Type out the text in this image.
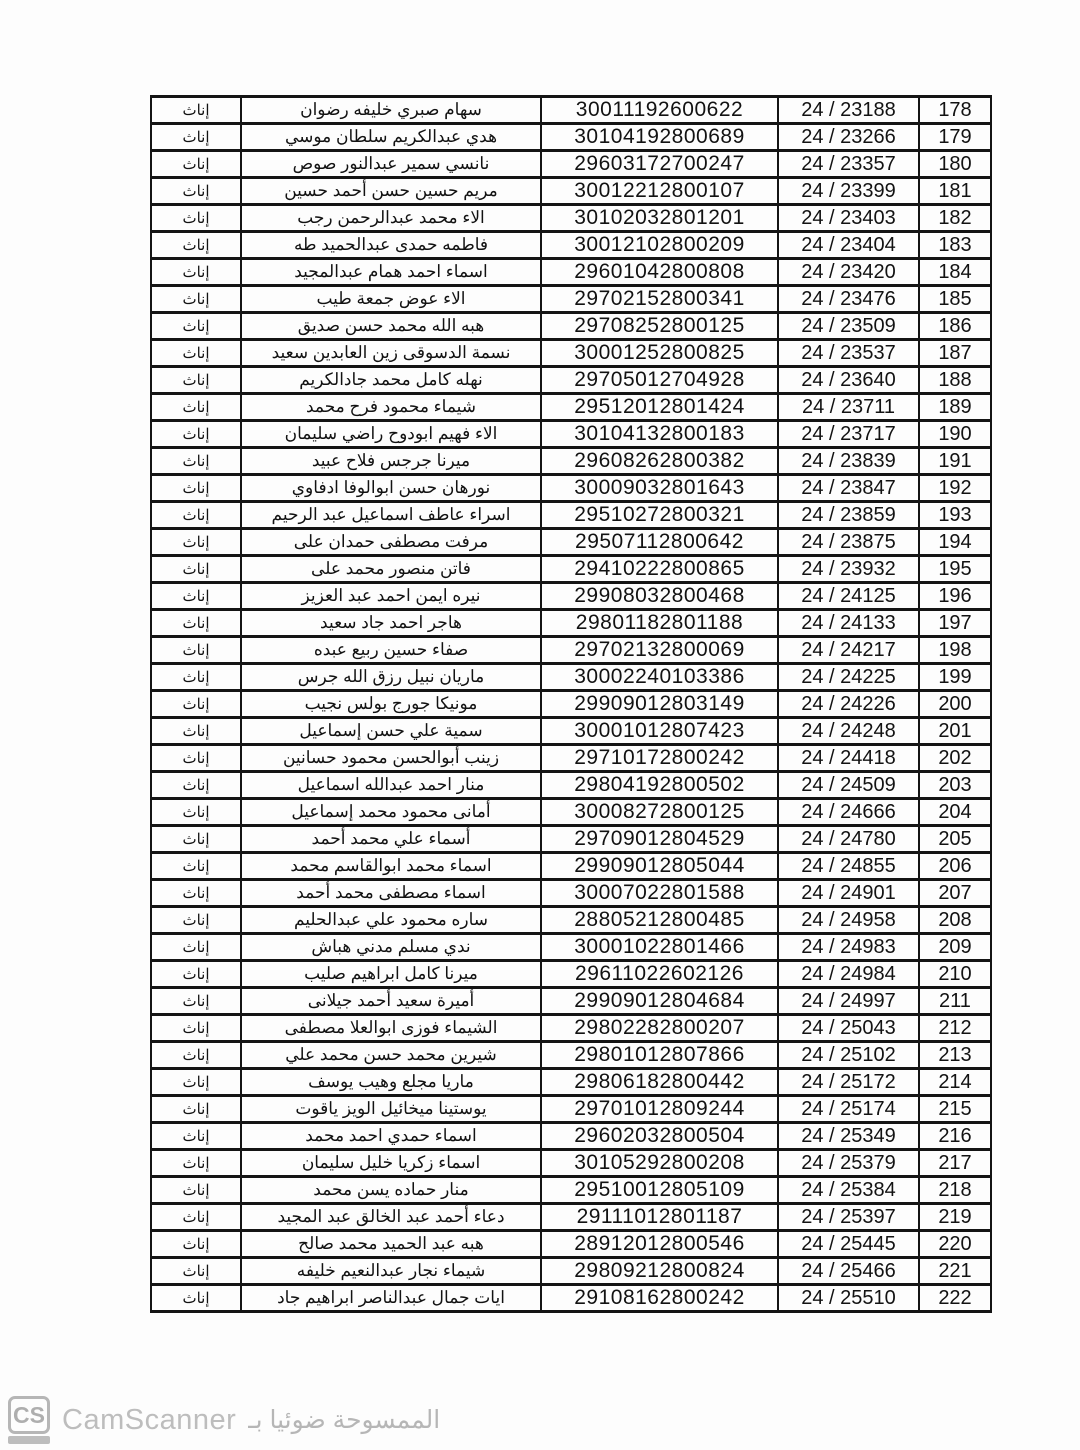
إناث	سهام صبري خليفه رضوان	30011192600622	24 / 23188	178
إناث	هدي عبدالكريم سلطان موسي	30104192800689	24 / 23266	179
إناث	نانسي سمير عبدالنور صوص	29603172700247	24 / 23357	180
إناث	مريم حسين حسن أحمد حسين	30012212800107	24 / 23399	181
إناث	الاء محمد عبدالرحمن رجب	30102032801201	24 / 23403	182
إناث	فاطمه حمدى عبدالحميد طه	30012102800209	24 / 23404	183
إناث	اسماء احمد همام عبدالمجيد	29601042800808	24 / 23420	184
إناث	الاء عوض جمعة طيب	29702152800341	24 / 23476	185
إناث	هبه الله محمد حسن صديق	29708252800125	24 / 23509	186
إناث	نسمة الدسوقى زين العابدين سعيد	30001252800825	24 / 23537	187
إناث	نهله كامل محمد جادالكريم	29705012704928	24 / 23640	188
إناث	شيماء محمود فرح محمد	29512012801424	24 / 23711	189
إناث	الاء فهيم ابودوح راضي سليمان	30104132800183	24 / 23717	190
إناث	ميرنا جرجس فلاح عبيد	29608262800382	24 / 23839	191
إناث	نورهان حسن ابوالوفا ادفاوي	30009032801643	24 / 23847	192
إناث	اسراء عاطف اسماعيل عبد الرحيم	29510272800321	24 / 23859	193
إناث	مرفت مصطفى حمدان على	29507112800642	24 / 23875	194
إناث	فاتن منصور محمد على	29410222800865	24 / 23932	195
إناث	نيره ايمن احمد عبد العزيز	29908032800468	24 / 24125	196
إناث	هاجر احمد جاد سعيد	29801182801188	24 / 24133	197
إناث	صفاء حسين ربيع عبده	29702132800069	24 / 24217	198
إناث	ماريان نبيل رزق الله جرس	30002240103386	24 / 24225	199
إناث	مونيكا جورج بولس نجيب	29909012803149	24 / 24226	200
إناث	سمية علي حسن إسماعيل	30001012807423	24 / 24248	201
إناث	زينب أبوالحسن محمود حسانين	29710172800242	24 / 24418	202
إناث	منار احمد عبدالله اسماعيل	29804192800502	24 / 24509	203
إناث	أمانى محمود محمد إسماعيل	30008272800125	24 / 24666	204
إناث	أسماء علي محمد أحمد	29709012804529	24 / 24780	205
إناث	اسماء محمد ابوالقاسم محمد	29909012805044	24 / 24855	206
إناث	اسماء مصطفى محمد أحمد	30007022801588	24 / 24901	207
إناث	ساره محمود علي عبدالحليم	28805212800485	24 / 24958	208
إناث	ندي مسلم مدني هباش	30001022801466	24 / 24983	209
إناث	ميرنا كامل ابراهيم صليب	29611022602126	24 / 24984	210
إناث	أميرة سعيد أحمد جيلانى	29909012804684	24 / 24997	211
إناث	الشيماء فوزى ابوالعلا مصطفى	29802282800207	24 / 25043	212
إناث	شيرين محمد حسن محمد علي	29801012807866	24 / 25102	213
إناث	ماريا مجلع وهيب يوسف	29806182800442	24 / 25172	214
إناث	يوستينا ميخائيل الويز ياقوت	29701012809244	24 / 25174	215
إناث	اسماء حمدي احمد محمد	29602032800504	24 / 25349	216
إناث	اسماء زكريا خليل سليمان	30105292800208	24 / 25379	217
إناث	منار حماده يسن محمد	29510012805109	24 / 25384	218
إناث	دعاء أحمد عبد الخالق عبد المجيد	29111012801187	24 / 25397	219
إناث	هبه عبد الحميد محمد صالح	28912012800546	24 / 25445	220
إناث	شيماء نجار عبدالنعيم خليفه	29809212800824	24 / 25466	221
إناث	ايات جمال عبدالناصر ابراهيم جاد	29108162800242	24 / 25510	222
CS CamScanner الممسوحة ضوئيا بـ
